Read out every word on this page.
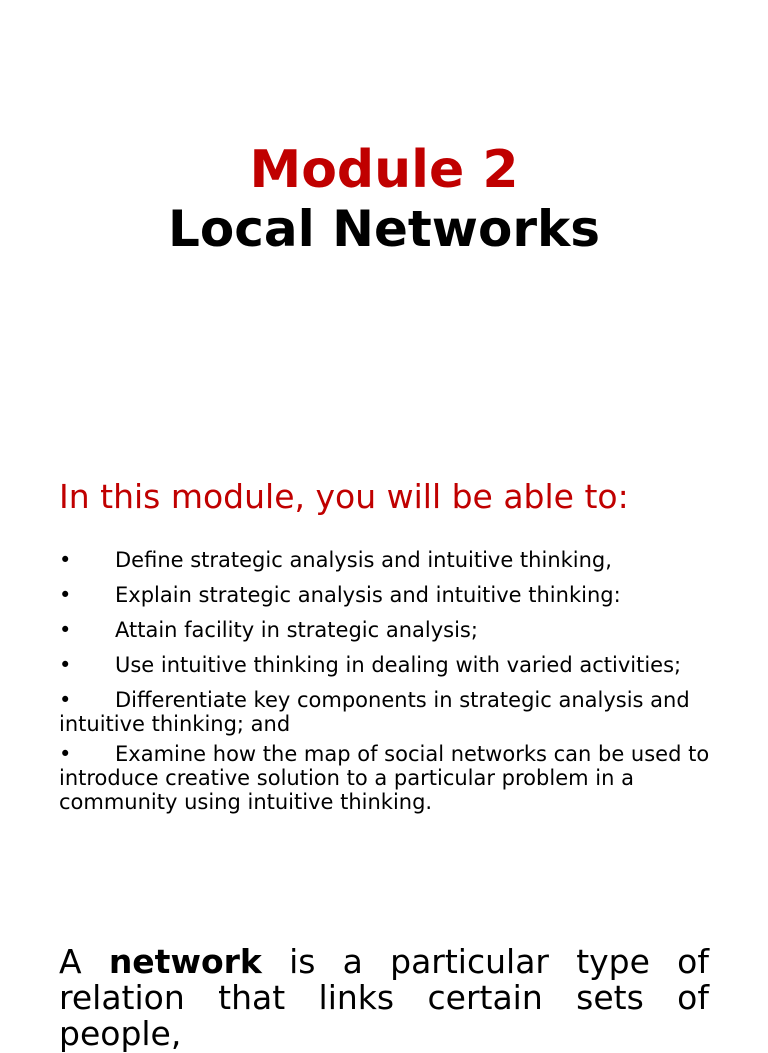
Module 2
Local Networks
In this module, you will be able to:
• Define strategic analysis and intuitive thinking,
• Explain strategic analysis and intuitive thinking:
• Attain facility in strategic analysis;
• Use intuitive thinking in dealing with varied activities;
• Differentiate key components in strategic analysis and intuitive thinking; and
• Examine how the map of social networks can be used to introduce creative solution to a particular problem in a community using intuitive thinking.

A network is a particular type of relation that links certain sets of people,
